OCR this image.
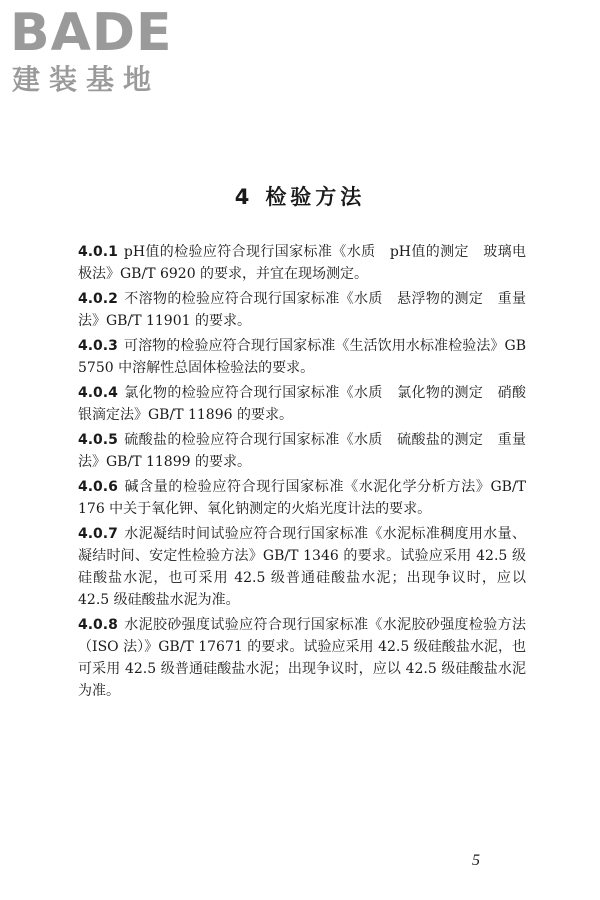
BADE
建装基地
4 检验方法

4.0.1 pH值的检验应符合现行国家标准《水质　pH值的测定　玻璃电极法》GB/T 6920 的要求，并宜在现场测定。

4.0.2 不溶物的检验应符合现行国家标准《水质　悬浮物的测定　重量法》GB/T 11901 的要求。

4.0.3 可溶物的检验应符合现行国家标准《生活饮用水标准检验法》GB 5750 中溶解性总固体检验法的要求。

4.0.4 氯化物的检验应符合现行国家标准《水质　氯化物的测定　硝酸银滴定法》GB/T 11896 的要求。

4.0.5 硫酸盐的检验应符合现行国家标准《水质　硫酸盐的测定　重量法》GB/T 11899 的要求。

4.0.6 碱含量的检验应符合现行国家标准《水泥化学分析方法》GB/T 176 中关于氧化钾、氧化钠测定的火焰光度计法的要求。

4.0.7 水泥凝结时间试验应符合现行国家标准《水泥标准稠度用水量、凝结时间、安定性检验方法》GB/T 1346 的要求。试验应采用 42.5 级硅酸盐水泥，也可采用 42.5 级普通硅酸盐水泥；出现争议时，应以 42.5 级硅酸盐水泥为准。

4.0.8 水泥胶砂强度试验应符合现行国家标准《水泥胶砂强度检验方法（ISO 法）》GB/T 17671 的要求。试验应采用 42.5 级硅酸盐水泥，也可采用 42.5 级普通硅酸盐水泥；出现争议时，应以 42.5 级硅酸盐水泥为准。

5
